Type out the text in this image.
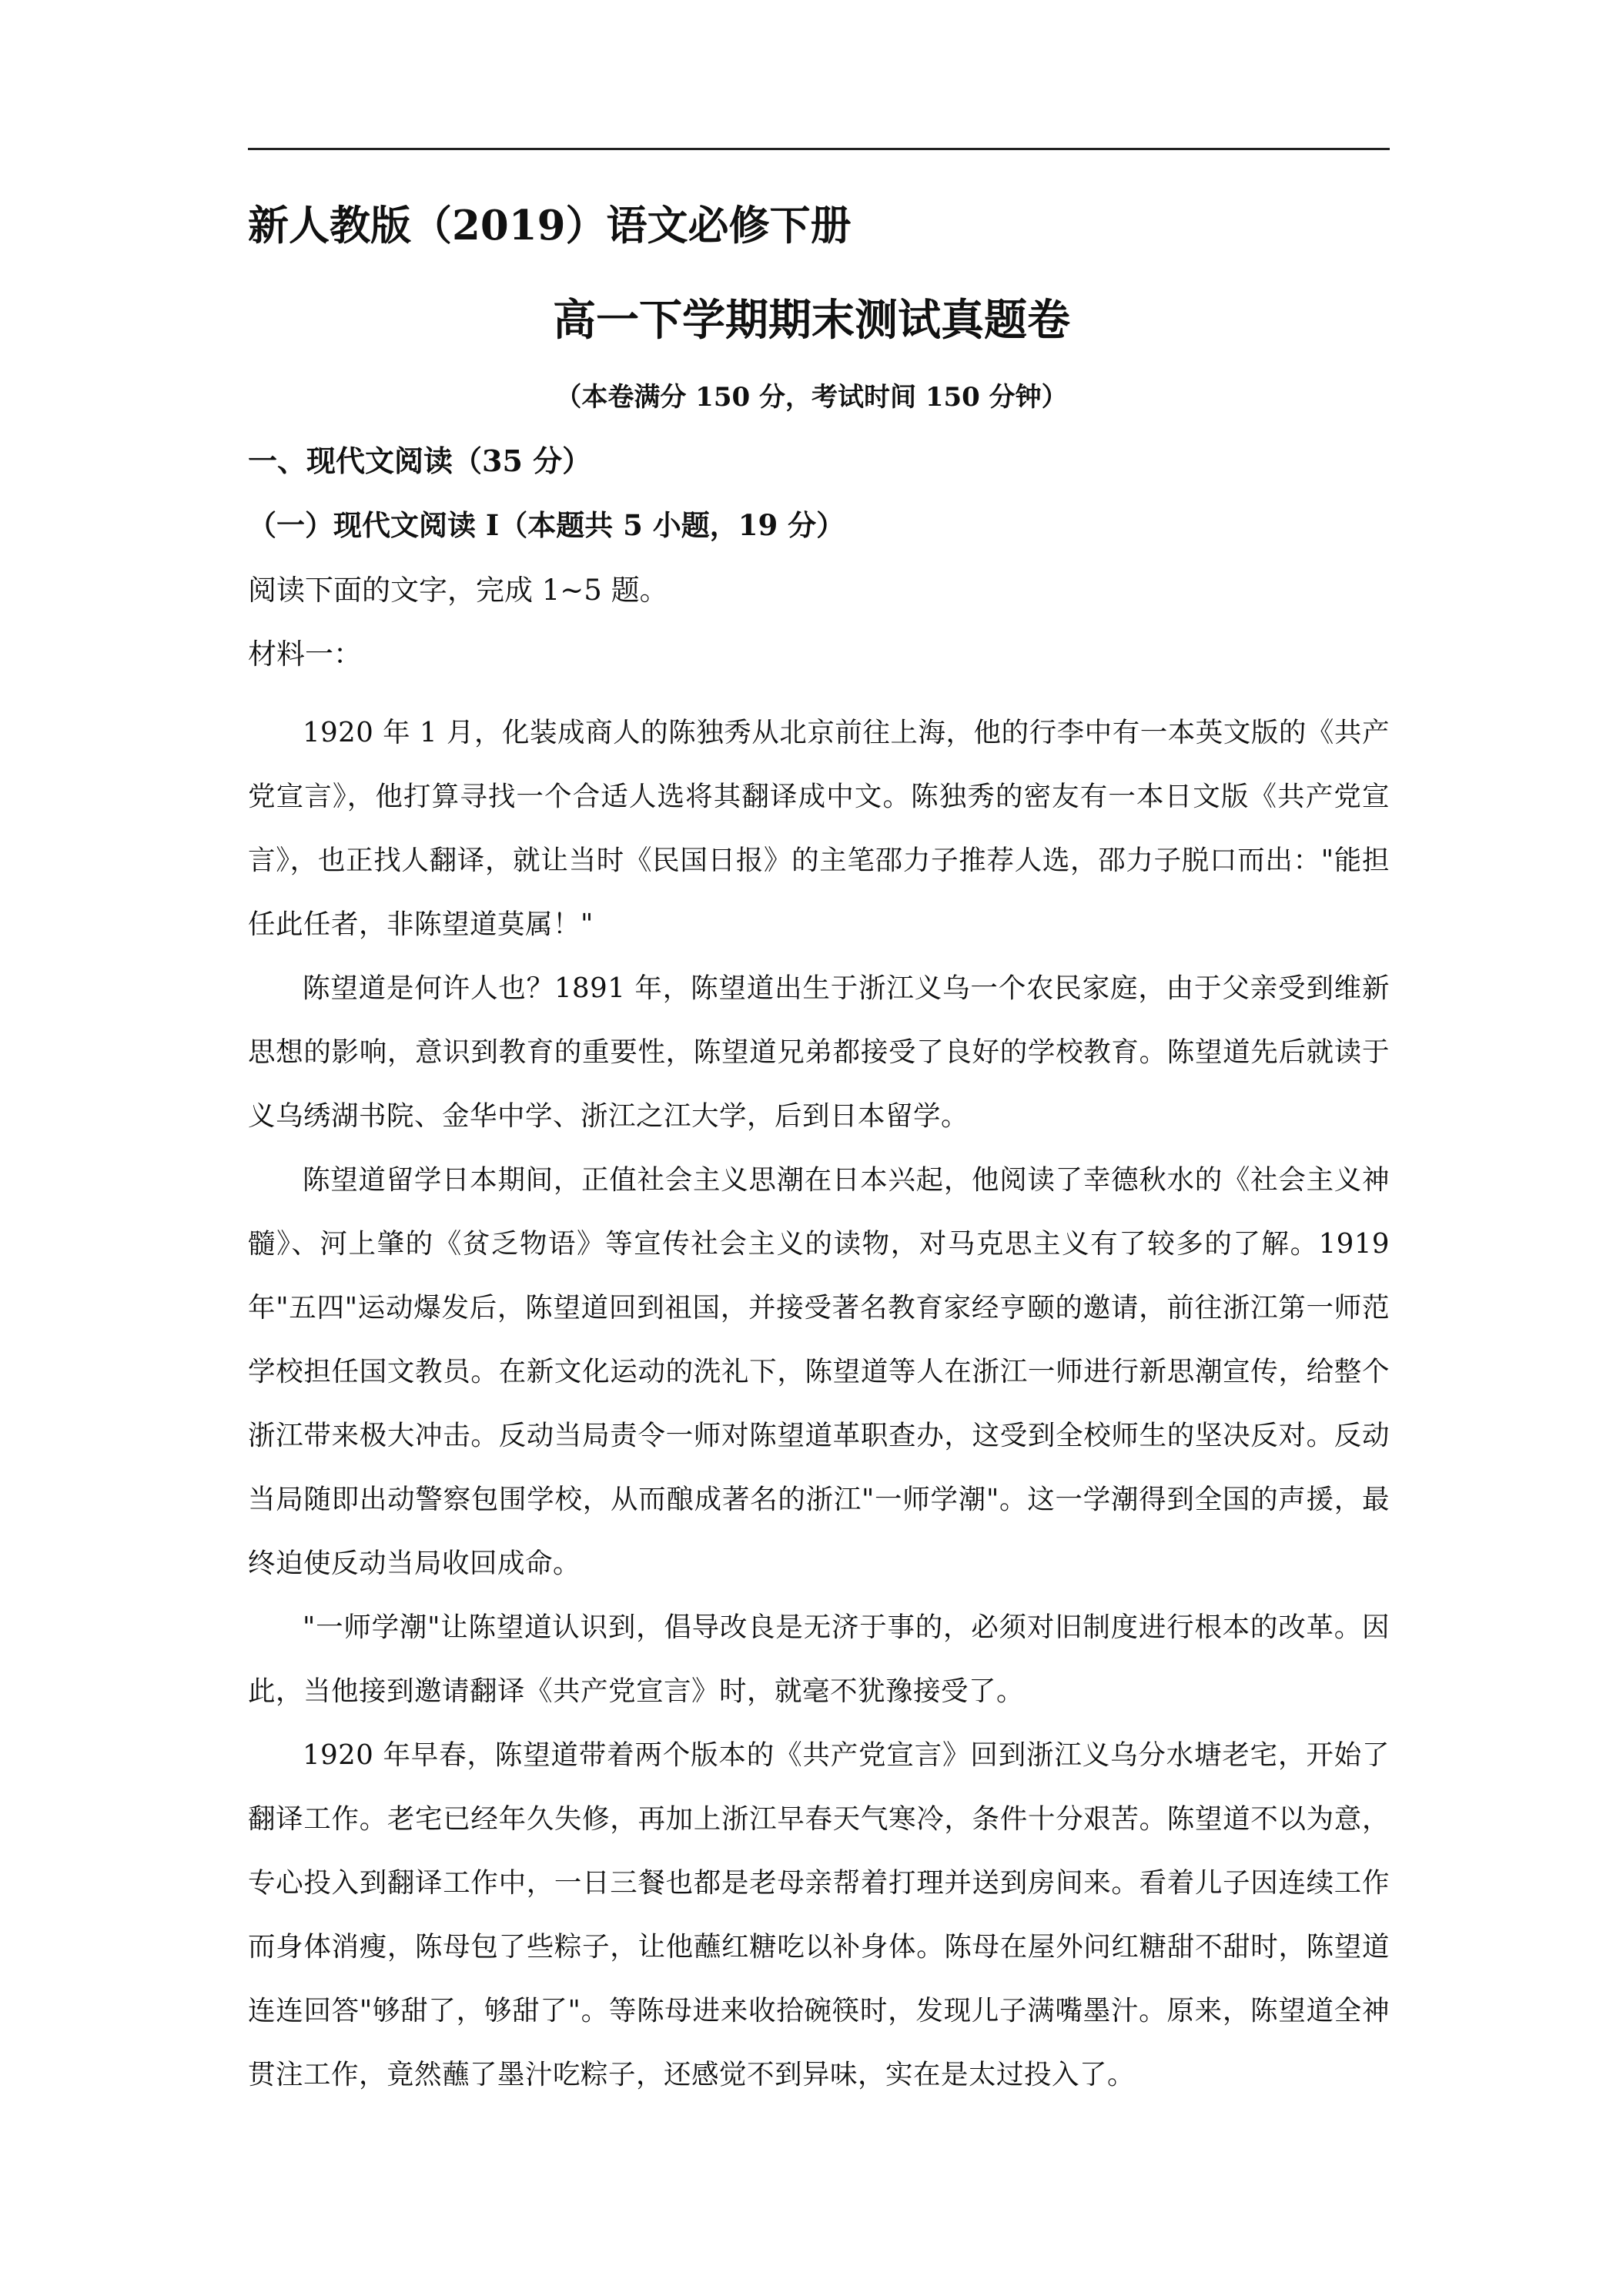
新人教版（2019）语文必修下册
高一下学期期末测试真题卷
（本卷满分 150 分，考试时间 150 分钟）
一、现代文阅读（35 分）
（一）现代文阅读 I（本题共 5 小题，19 分）
阅读下面的文字，完成 1~5 题。
材料一：

1920 年 1 月，化装成商人的陈独秀从北京前往上海，他的行李中有一本英文版的《共产党宣言》，他打算寻找一个合适人选将其翻译成中文。陈独秀的密友有一本日文版《共产党宣言》，也正找人翻译，就让当时《民国日报》的主笔邵力子推荐人选，邵力子脱口而出："能担任此任者，非陈望道莫属！"

陈望道是何许人也？1891 年，陈望道出生于浙江义乌一个农民家庭，由于父亲受到维新思想的影响，意识到教育的重要性，陈望道兄弟都接受了良好的学校教育。陈望道先后就读于义乌绣湖书院、金华中学、浙江之江大学，后到日本留学。

陈望道留学日本期间，正值社会主义思潮在日本兴起，他阅读了幸德秋水的《社会主义神髓》、河上肇的《贫乏物语》等宣传社会主义的读物，对马克思主义有了较多的了解。1919 年"五四"运动爆发后，陈望道回到祖国，并接受著名教育家经亨颐的邀请，前往浙江第一师范学校担任国文教员。在新文化运动的洗礼下，陈望道等人在浙江一师进行新思潮宣传，给整个浙江带来极大冲击。反动当局责令一师对陈望道革职查办，这受到全校师生的坚决反对。反动当局随即出动警察包围学校，从而酿成著名的浙江"一师学潮"。这一学潮得到全国的声援，最终迫使反动当局收回成命。

"一师学潮"让陈望道认识到，倡导改良是无济于事的，必须对旧制度进行根本的改革。因此，当他接到邀请翻译《共产党宣言》时，就毫不犹豫接受了。

1920 年早春，陈望道带着两个版本的《共产党宣言》回到浙江义乌分水塘老宅，开始了翻译工作。老宅已经年久失修，再加上浙江早春天气寒冷，条件十分艰苦。陈望道不以为意，专心投入到翻译工作中，一日三餐也都是老母亲帮着打理并送到房间来。看着儿子因连续工作而身体消瘦，陈母包了些粽子，让他蘸红糖吃以补身体。陈母在屋外问红糖甜不甜时，陈望道连连回答"够甜了，够甜了"。等陈母进来收拾碗筷时，发现儿子满嘴墨汁。原来，陈望道全神贯注工作，竟然蘸了墨汁吃粽子，还感觉不到异味，实在是太过投入了。
